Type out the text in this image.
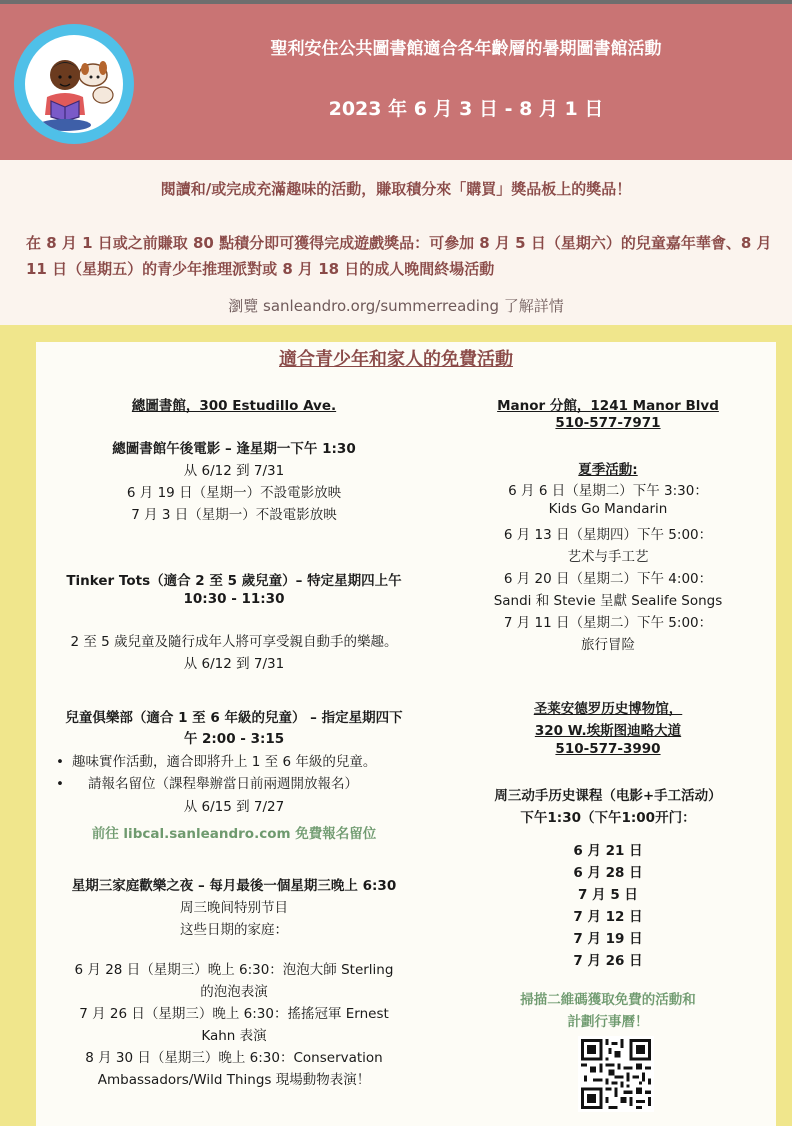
聖利安住公共圖書館適合各年齡層的暑期圖書館活動
2023 年 6 月 3 日 - 8 月 1 日
閱讀和/或完成充滿趣味的活動，賺取積分來「購買」獎品板上的獎品！
在 8 月 1 日或之前賺取 80 點積分即可獲得完成遊戲獎品：可參加 8 月 5 日（星期六）的兒童嘉年華會、8 月 11 日（星期五）的青少年推理派對或 8 月 18 日的成人晚間終場活動
瀏覽 sanleandro.org/summerreading 了解詳情
適合青少年和家人的免費活動
總圖書館，300 Estudillo Ave.
總圖書館午後電影 – 逢星期一下午 1:30
从 6/12 到 7/31
6 月 19 日（星期一）不設電影放映
7 月 3 日（星期一）不設電影放映
Tinker Tots（適合 2 至 5 歲兒童）– 特定星期四上午
10:30 - 11:30
2 至 5 歲兒童及隨行成年人將可享受親自動手的樂趣。
从 6/12 到 7/31
兒童俱樂部（適合 1 至 6 年級的兒童） – 指定星期四下
午 2:00 - 3:15
从 6/15 到 7/27
前往 libcal.sanleandro.com 免費報名留位
星期三家庭歡樂之夜 – 每月最後一個星期三晚上 6:30
周三晚间特别节目
这些日期的家庭：
6 月 28 日（星期三）晚上 6:30：泡泡大師 Sterling
的泡泡表演
7 月 26 日（星期三）晚上 6:30：搖搖冠軍 Ernest
Kahn 表演
8 月 30 日（星期三）晚上 6:30：Conservation
Ambassadors/Wild Things 現場動物表演！
• 趣味實作活動，適合即將升上 1 至 6 年級的兒童。
• 請報名留位（課程舉辦當日前兩週開放報名）
Manor 分館，1241 Manor Blvd
510-577-7971
夏季活動:
6 月 6 日（星期二）下午 3:30：
Kids Go Mandarin
6 月 13 日（星期四）下午 5:00：
艺术与手工艺
6 月 20 日（星期二）下午 4:00：
Sandi 和 Stevie 呈獻 Sealife Songs
7 月 11 日（星期二）下午 5:00：
旅行冒险
圣莱安德罗历史博物馆，
320 W.埃斯图迪略大道
510-577-3990
周三动手历史课程（电影+手工活动）
下午1:30（下午1:00开门：
6 月 21 日
6 月 28 日
7 月 5 日
7 月 12 日
7 月 19 日
7 月 26 日
掃描二維碼獲取免費的活動和
計劃行事曆！
